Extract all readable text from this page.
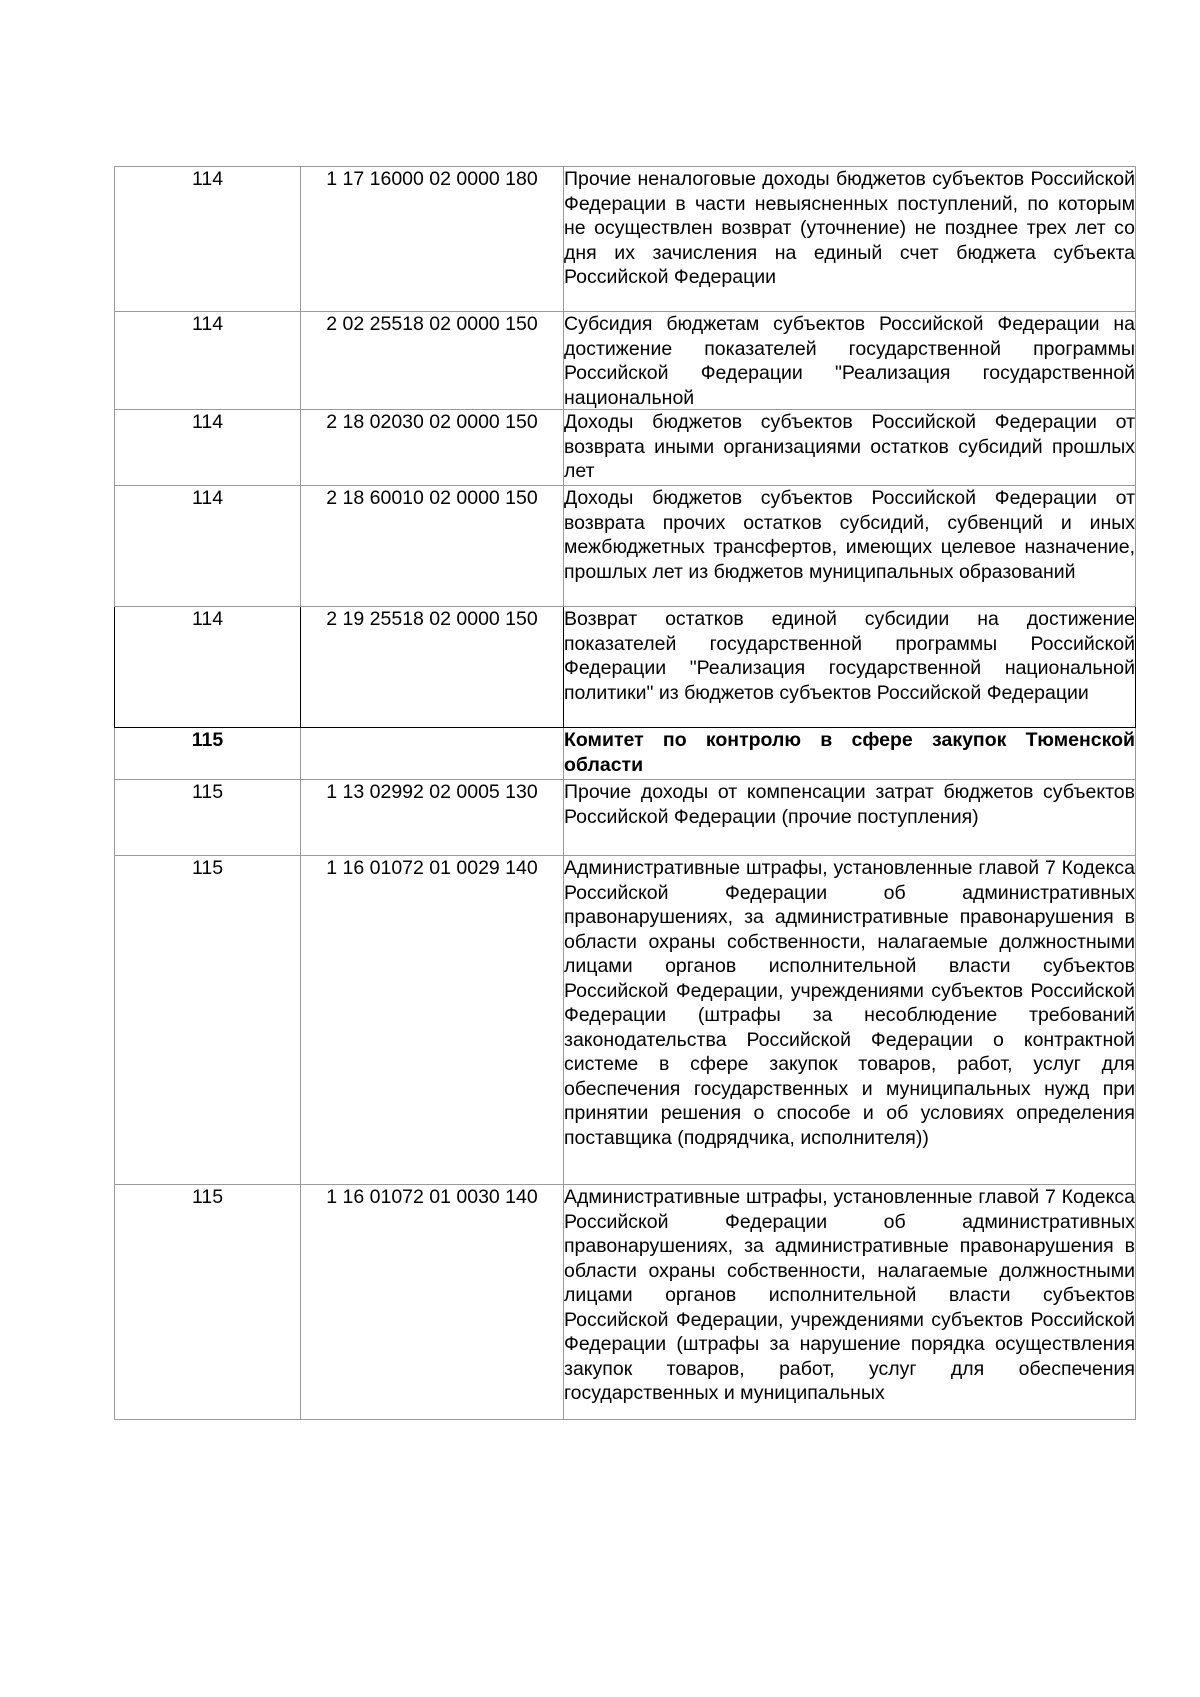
114	1 17 16000 02 0000 180	Прочие неналоговые доходы бюджетов субъектов Российской Федерации в части невыясненных поступлений, по которым не осуществлен возврат (уточнение) не позднее трех лет со дня их зачисления на единый счет бюджета субъекта Российской Федерации

114	2 02 25518 02 0000 150	Субсидия бюджетам субъектов Российской Федерации на достижение показателей государственной программы Российской Федерации "Реализация государственной национальной

114	2 18 02030 02 0000 150	Доходы бюджетов субъектов Российской Федерации от возврата иными организациями остатков субсидий прошлых лет

114	2 18 60010 02 0000 150	Доходы бюджетов субъектов Российской Федерации от возврата прочих остатков субсидий, субвенций и иных межбюджетных трансфертов, имеющих целевое назначение, прошлых лет из бюджетов муниципальных образований

114	2 19 25518 02 0000 150	Возврат остатков единой субсидии на достижение показателей государственной программы Российской Федерации "Реализация государственной национальной политики" из бюджетов субъектов Российской Федерации

115		Комитет по контролю в сфере закупок Тюменской области

115	1 13 02992 02 0005 130	Прочие доходы от компенсации затрат бюджетов субъектов Российской Федерации (прочие поступления)

115	1 16 01072 01 0029 140	Административные штрафы, установленные главой 7 Кодекса Российской Федерации об административных правонарушениях, за административные правонарушения в области охраны собственности, налагаемые должностными лицами органов исполнительной власти субъектов Российской Федерации, учреждениями субъектов Российской Федерации (штрафы за несоблюдение требований законодательства Российской Федерации о контрактной системе в сфере закупок товаров, работ, услуг для обеспечения государственных и муниципальных нужд при принятии решения о способе и об условиях определения поставщика (подрядчика, исполнителя))

115	1 16 01072 01 0030 140	Административные штрафы, установленные главой 7 Кодекса Российской Федерации об административных правонарушениях, за административные правонарушения в области охраны собственности, налагаемые должностными лицами органов исполнительной власти субъектов Российской Федерации, учреждениями субъектов Российской Федерации (штрафы за нарушение порядка осуществления закупок товаров, работ, услуг для обеспечения государственных и муниципальных
